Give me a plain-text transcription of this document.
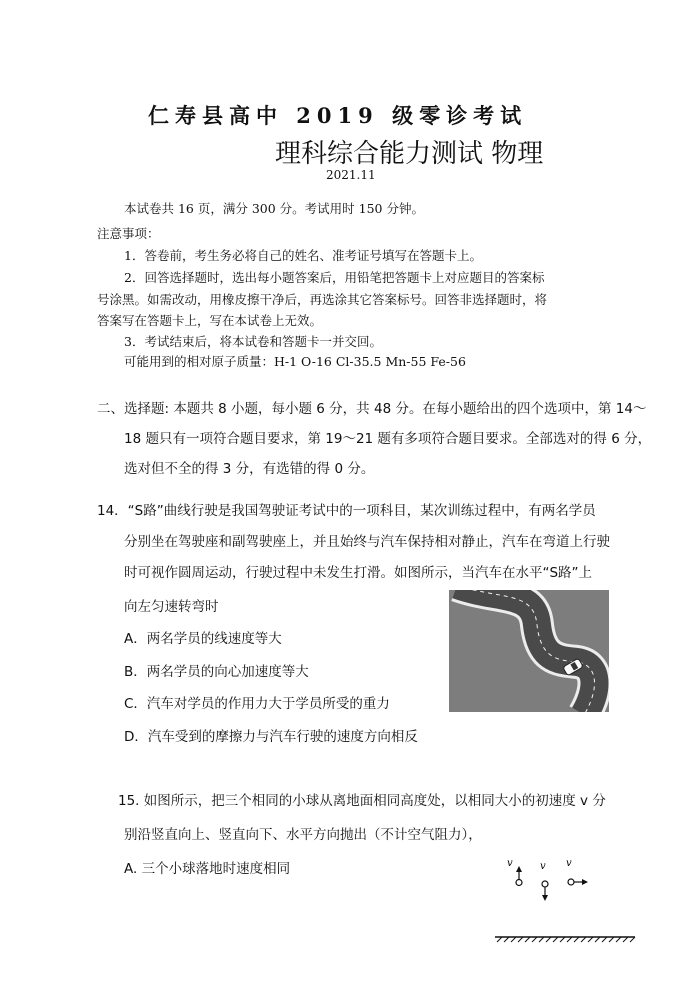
仁寿县高中 2019 级零诊考试
理科综合能力测试 物理
2021.11
本试卷共 16 页，满分 300 分。考试用时 150 分钟。
注意事项：
1．答卷前，考生务必将自己的姓名、准考证号填写在答题卡上。
2．回答选择题时，选出每小题答案后，用铅笔把答题卡上对应题目的答案标
号涂黑。如需改动，用橡皮擦干净后，再选涂其它答案标号。回答非选择题时，将
答案写在答题卡上，写在本试卷上无效。
3．考试结束后，将本试卷和答题卡一并交回。
可能用到的相对原子质量：H-1 O-16 Cl-35.5 Mn-55 Fe-56
二、选择题: 本题共 8 小题，每小题 6 分，共 48 分。在每小题给出的四个选项中，第 14～
18 题只有一项符合题目要求，第 19～21 题有多项符合题目要求。全部选对的得 6 分，
选对但不全的得 3 分，有选错的得 0 分。
14．“S路”曲线行驶是我国驾驶证考试中的一项科目，某次训练过程中，有两名学员
分别坐在驾驶座和副驾驶座上，并且始终与汽车保持相对静止，汽车在弯道上行驶
时可视作圆周运动，行驶过程中未发生打滑。如图所示，当汽车在水平“S路”上
向左匀速转弯时
A．两名学员的线速度等大
B．两名学员的向心加速度等大
C．汽车对学员的作用力大于学员所受的重力
D．汽车受到的摩擦力与汽车行驶的速度方向相反
15. 如图所示，把三个相同的小球从离地面相同高度处，以相同大小的初速度 v 分
别沿竖直向上、竖直向下、水平方向抛出（不计空气阻力），
A. 三个小球落地时速度相同	v	v v
